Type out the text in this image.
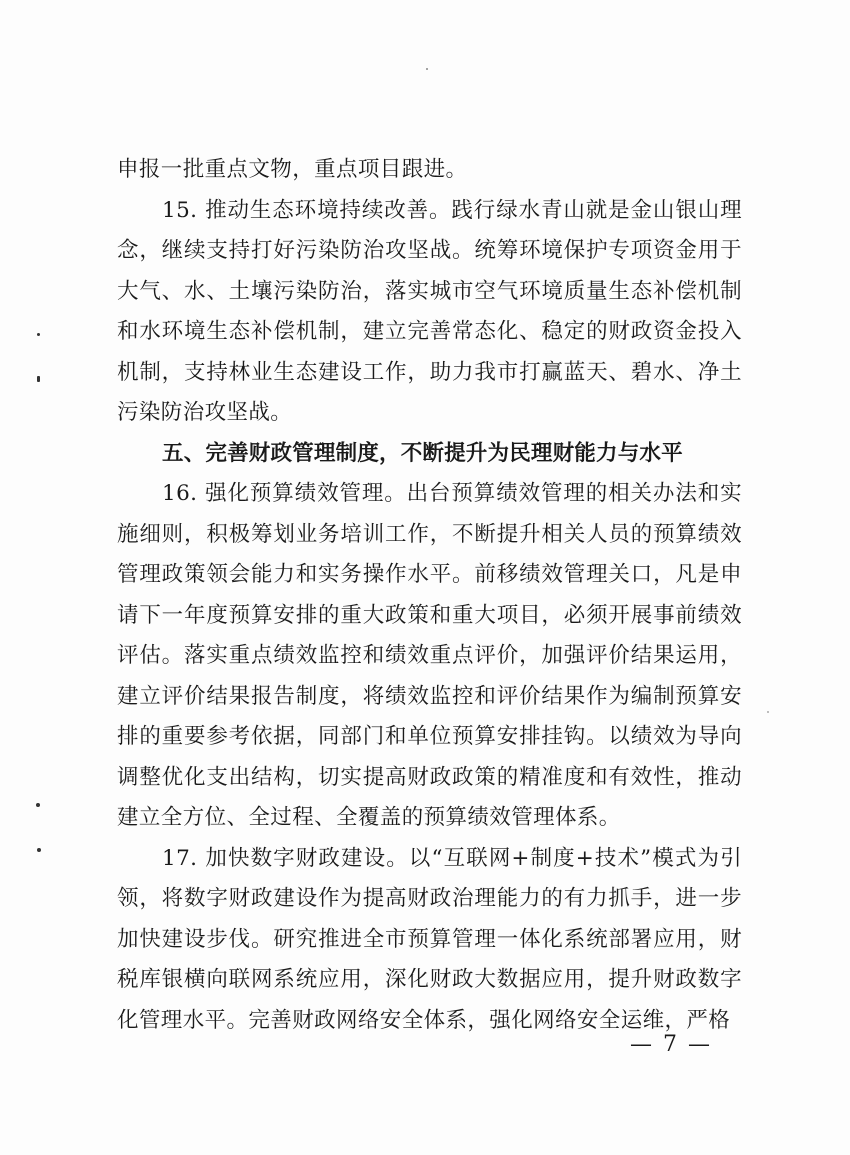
申报一批重点文物，重点项目跟进。

15. 推动生态环境持续改善。践行绿水青山就是金山银山理念，继续支持打好污染防治攻坚战。统筹环境保护专项资金用于大气、水、土壤污染防治，落实城市空气环境质量生态补偿机制和水环境生态补偿机制，建立完善常态化、稳定的财政资金投入机制，支持林业生态建设工作，助力我市打赢蓝天、碧水、净土污染防治攻坚战。

五、完善财政管理制度，不断提升为民理财能力与水平

16. 强化预算绩效管理。出台预算绩效管理的相关办法和实施细则，积极筹划业务培训工作，不断提升相关人员的预算绩效管理政策领会能力和实务操作水平。前移绩效管理关口，凡是申请下一年度预算安排的重大政策和重大项目，必须开展事前绩效评估。落实重点绩效监控和绩效重点评价，加强评价结果运用，建立评价结果报告制度，将绩效监控和评价结果作为编制预算安排的重要参考依据，同部门和单位预算安排挂钩。以绩效为导向调整优化支出结构，切实提高财政政策的精准度和有效性，推动建立全方位、全过程、全覆盖的预算绩效管理体系。

17. 加快数字财政建设。以“互联网+制度+技术”模式为引领，将数字财政建设作为提高财政治理能力的有力抓手，进一步加快建设步伐。研究推进全市预算管理一体化系统部署应用，财税库银横向联网系统应用，深化财政大数据应用，提升财政数字化管理水平。完善财政网络安全体系，强化网络安全运维，严格

— 7 —
